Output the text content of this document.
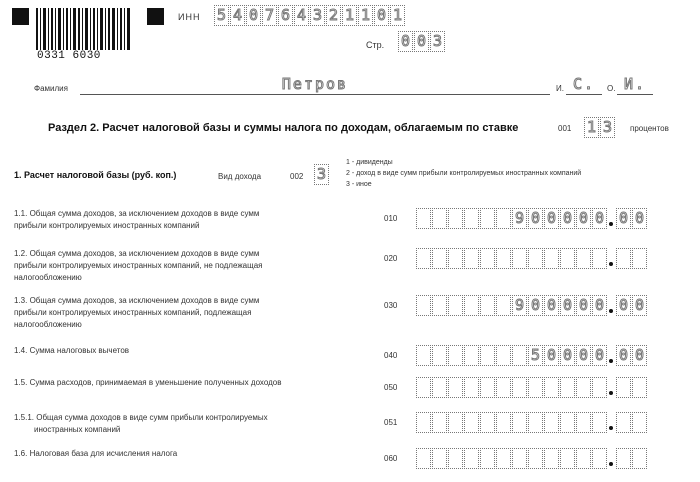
0331 6030
ИНН 5 4 0 7 6 4 3 2 1 1 0 1
Стр. 0 0 3
Фамилия	Петров	И. С.	О. И.
Раздел 2. Расчет налоговой базы и суммы налога по доходам, облагаемым по ставке	001 1 3	процентов
1. Расчет налоговой базы (руб. коп.)	Вид дохода	002 3
1 - дивиденды
2 - доход в виде сумм прибыли контролируемых иностранных компаний
3 - иное
1.1. Общая сумма доходов, за исключением доходов в виде сумм
прибыли контролируемых иностранных компаний
010	9 0 0 0 0 0 0 0
1.2. Общая сумма доходов, за исключением доходов в виде сумм
прибыли контролируемых иностранных компаний, не подлежащая
налогообложению
020
1.3. Общая сумма доходов, за исключением доходов в виде сумм
прибыли контролируемых иностранных компаний, подлежащая
налогообложению
030	9 0 0 0 0 0 0 0
1.4. Сумма налоговых вычетов
040	5 0 0 0 0 0 0
1.5. Сумма расходов, принимаемая в уменьшение полученных доходов
050
1.5.1. Общая сумма доходов в виде сумм прибыли контролируемых
иностранных компаний
051
1.6. Налоговая база для исчисления налога
060
